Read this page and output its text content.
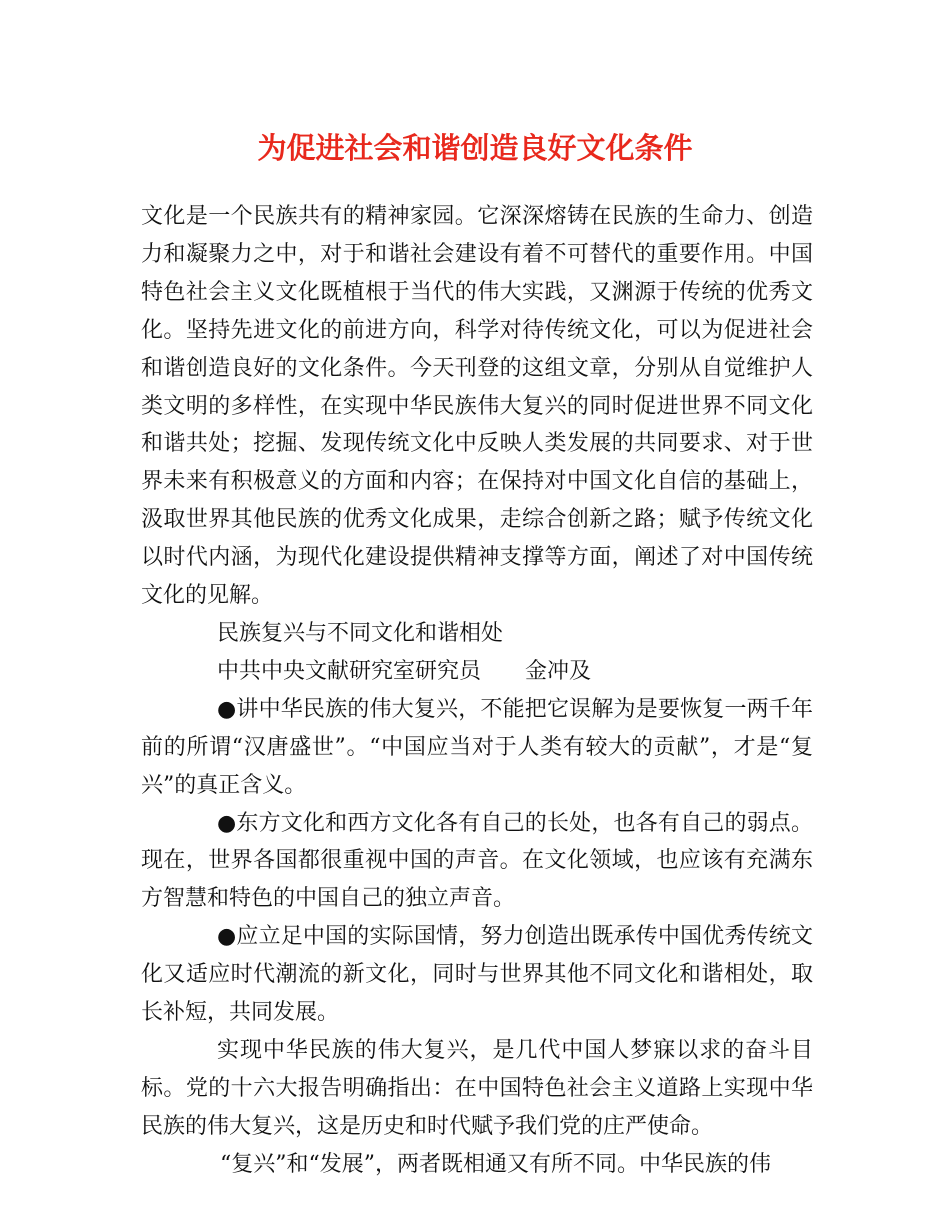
为促进社会和谐创造良好文化条件

文化是一个民族共有的精神家园。它深深熔铸在民族的生命力、创造力和凝聚力之中，对于和谐社会建设有着不可替代的重要作用。中国特色社会主义文化既植根于当代的伟大实践，又渊源于传统的优秀文化。坚持先进文化的前进方向，科学对待传统文化，可以为促进社会和谐创造良好的文化条件。今天刊登的这组文章，分别从自觉维护人类文明的多样性，在实现中华民族伟大复兴的同时促进世界不同文化和谐共处；挖掘、发现传统文化中反映人类发展的共同要求、对于世界未来有积极意义的方面和内容；在保持对中国文化自信的基础上，汲取世界其他民族的优秀文化成果，走综合创新之路；赋予传统文化以时代内涵，为现代化建设提供精神支撑等方面，阐述了对中国传统文化的见解。

民族复兴与不同文化和谐相处

中共中央文献研究室研究员　　金冲及

●讲中华民族的伟大复兴，不能把它误解为是要恢复一两千年前的所谓“汉唐盛世”。“中国应当对于人类有较大的贡献”，才是“复兴”的真正含义。

●东方文化和西方文化各有自己的长处，也各有自己的弱点。现在，世界各国都很重视中国的声音。在文化领域，也应该有充满东方智慧和特色的中国自己的独立声音。

●应立足中国的实际国情，努力创造出既承传中国优秀传统文化又适应时代潮流的新文化，同时与世界其他不同文化和谐相处，取长补短，共同发展。

实现中华民族的伟大复兴，是几代中国人梦寐以求的奋斗目标。党的十六大报告明确指出：在中国特色社会主义道路上实现中华民族的伟大复兴，这是历史和时代赋予我们党的庄严使命。

“复兴”和“发展”，两者既相通又有所不同。中华民族的伟
